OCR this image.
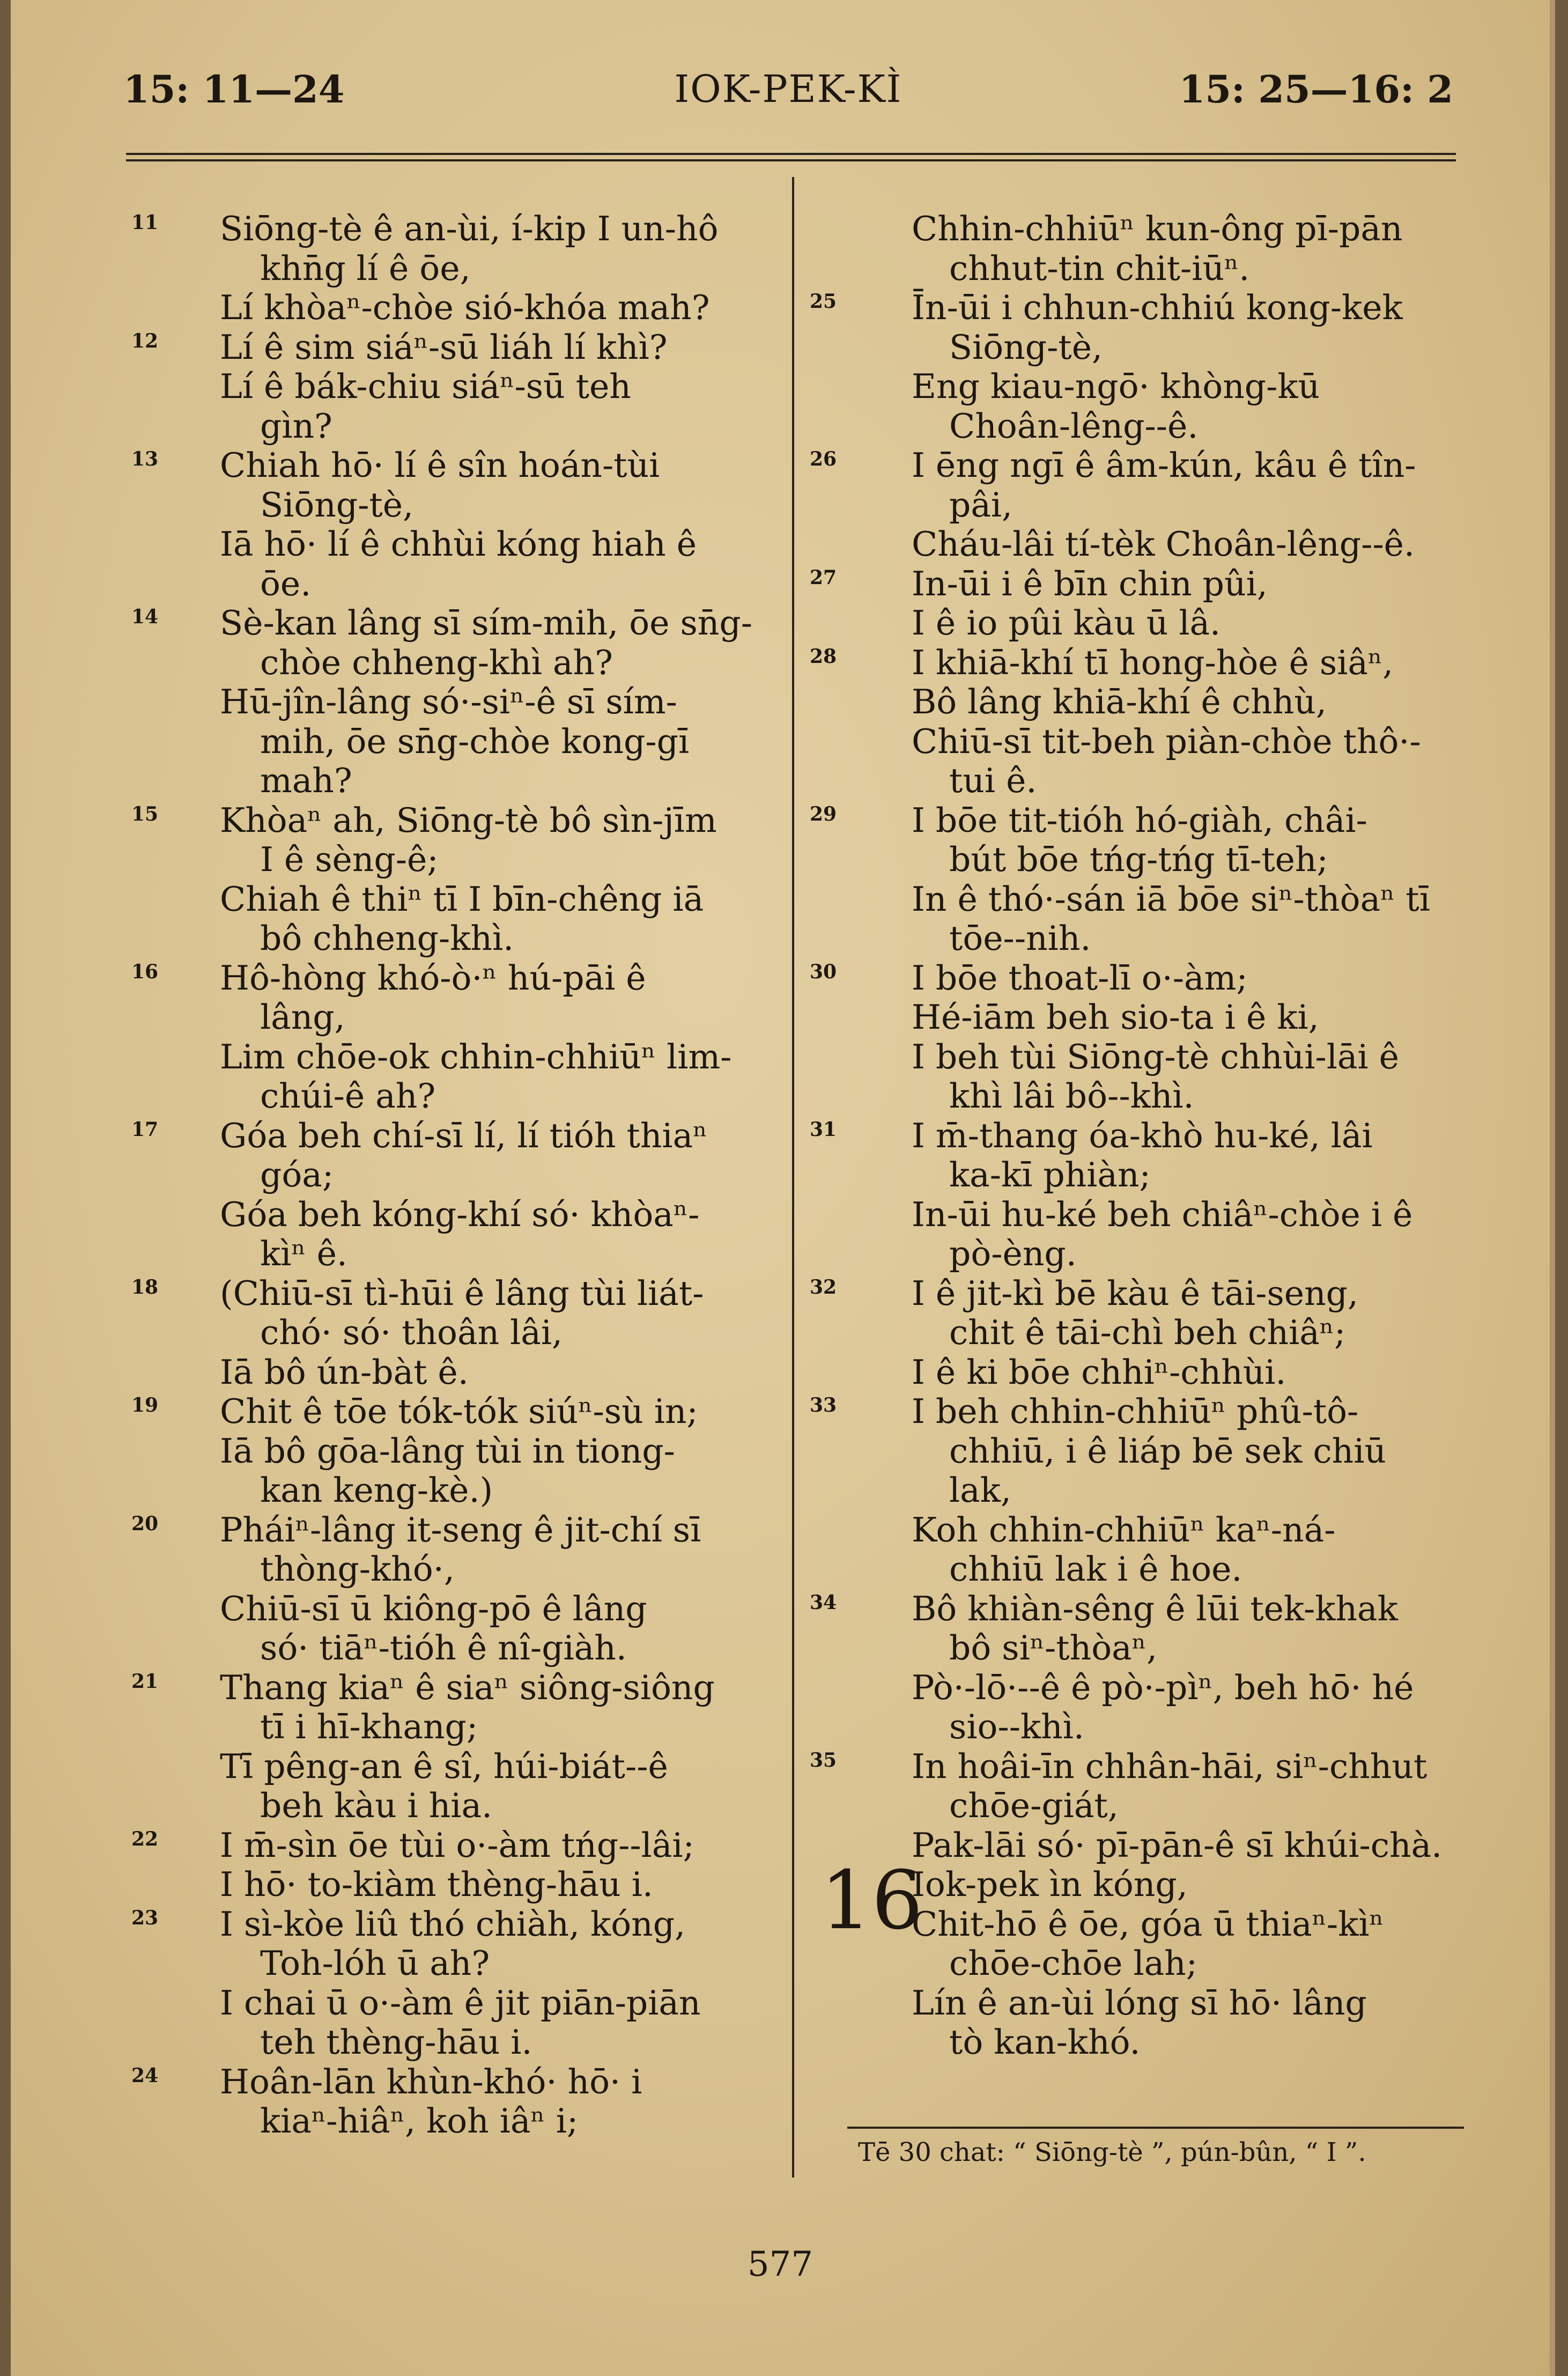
15: 11—24	IOK-PEK-KÌ	15: 25—16: 2
11 Siōng-tè ê an-ùi, í-kip I un-hô
khn̄g lí ê ōe,
Lí khòaⁿ-chòe sió-khóa mah?
12 Lí ê sim siáⁿ-sū liáh lí khì?
Lí ê bák-chiu siáⁿ-sū teh
gìn?
13 Chiah hō· lí ê sîn hoán-tùi
Siōng-tè,
Iā hō· lí ê chhùi kóng hiah ê
ōe.
14 Sè-kan lâng sī sím-mih, ōe sn̄g-
chòe chheng-khì ah?
Hū-jîn-lâng só·-siⁿ-ê sī sím-
mih, ōe sn̄g-chòe kong-gī
mah?
15 Khòaⁿ ah, Siōng-tè bô sìn-jīm
I ê sèng-ê;
Chiah ê thiⁿ tī I bīn-chêng iā
bô chheng-khì.
16 Hô-hòng khó-ò·ⁿ hú-pāi ê
lâng,
Lim chōe-ok chhin-chhiūⁿ lim-
chúi-ê ah?
17 Góa beh chí-sī lí, lí tióh thiaⁿ
góa;
Góa beh kóng-khí só· khòaⁿ-
kìⁿ ê.
18 (Chiū-sī tì-hūi ê lâng tùi liát-
chó· só· thoân lâi,
Iā bô ún-bàt ê.
19 Chit ê tōe tók-tók siúⁿ-sù in;
Iā bô gōa-lâng tùi in tiong-
kan keng-kè.)
20 Pháiⁿ-lâng it-seng ê jit-chí sī
thòng-khó·,
Chiū-sī ū kiông-pō ê lâng
só· tiāⁿ-tióh ê nî-giàh.
21 Thang kiaⁿ ê siaⁿ siông-siông
tī i hī-khang;
Tī pêng-an ê sî, húi-biát--ê
beh kàu i hia.
22 I m̄-sìn ōe tùi o·-àm tńg--lâi;
I hō· to-kiàm thèng-hāu i.
23 I sì-kòe liû thó chiàh, kóng,
Toh-lóh ū ah?
I chai ū o·-àm ê jit piān-piān
teh thèng-hāu i.
24 Hoân-lān khùn-khó· hō· i
kiaⁿ-hiâⁿ, koh iâⁿ i;
Chhin-chhiūⁿ kun-ông pī-pān
chhut-tin chit-iūⁿ.
25 Īn-ūi i chhun-chhiú kong-kek
Siōng-tè,
Eng kiau-ngō· khòng-kū
Choân-lêng--ê.
26 I ēng ngī ê âm-kún, kâu ê tîn-
pâi,
Cháu-lâi tí-tèk Choân-lêng--ê.
27 In-ūi i ê bīn chin pûi,
I ê io pûi kàu ū lâ.
28 I khiā-khí tī hong-hòe ê siâⁿ,
Bô lâng khiā-khí ê chhù,
Chiū-sī tit-beh piàn-chòe thô·-
tui ê.
29 I bōe tit-tióh hó-giàh, châi-
bút bōe tńg-tńg tī-teh;
In ê thó·-sán iā bōe siⁿ-thòaⁿ tī
tōe--nih.
30 I bōe thoat-lī o·-àm;
Hé-iām beh sio-ta i ê ki,
I beh tùi Siōng-tè chhùi-lāi ê
khì lâi bô--khì.
31 I m̄-thang óa-khò hu-ké, lâi
ka-kī phiàn;
In-ūi hu-ké beh chiâⁿ-chòe i ê
pò-èng.
32 I ê jit-kì bē kàu ê tāi-seng,
chit ê tāi-chì beh chiâⁿ;
I ê ki bōe chhiⁿ-chhùi.
33 I beh chhin-chhiūⁿ phû-tô-
chhiū, i ê liáp bē sek chiū
lak,
Koh chhin-chhiūⁿ kaⁿ-ná-
chhiū lak i ê hoe.
34 Bô khiàn-sêng ê lūi tek-khak
bô siⁿ-thòaⁿ,
Pò·-lō·--ê ê pò·-pìⁿ, beh hō· hé
sio--khì.
35 In hoâi-īn chhân-hāi, siⁿ-chhut
chōe-giát,
Pak-lāi só· pī-pān-ê sī khúi-chà.
16
Iok-pek ìn kóng,
Chit-hō ê ōe, góa ū thiaⁿ-kìⁿ
chōe-chōe lah;
Lín ê an-ùi lóng sī hō· lâng
tò kan-khó.
Tē 30 chat: “ Siōng-tè ”, pún-bûn, “ I ”.
577
